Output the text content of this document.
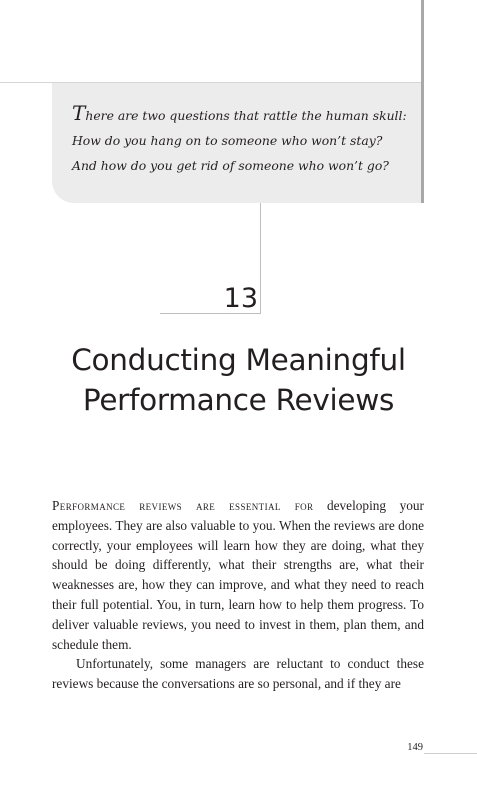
There are two questions that rattle the human skull: How do you hang on to someone who won’t stay? And how do you get rid of someone who won’t go?

13
Conducting Meaningful Performance Reviews

Performance reviews are essential for developing your employees. They are also valuable to you. When the reviews are done correctly, your employees will learn how they are doing, what they should be doing differently, what their strengths are, what their weaknesses are, how they can improve, and what they need to reach their full potential. You, in turn, learn how to help them progress. To deliver valuable reviews, you need to invest in them, plan them, and schedule them.

Unfortunately, some managers are reluctant to conduct these reviews because the conversations are so personal, and if they are

149
